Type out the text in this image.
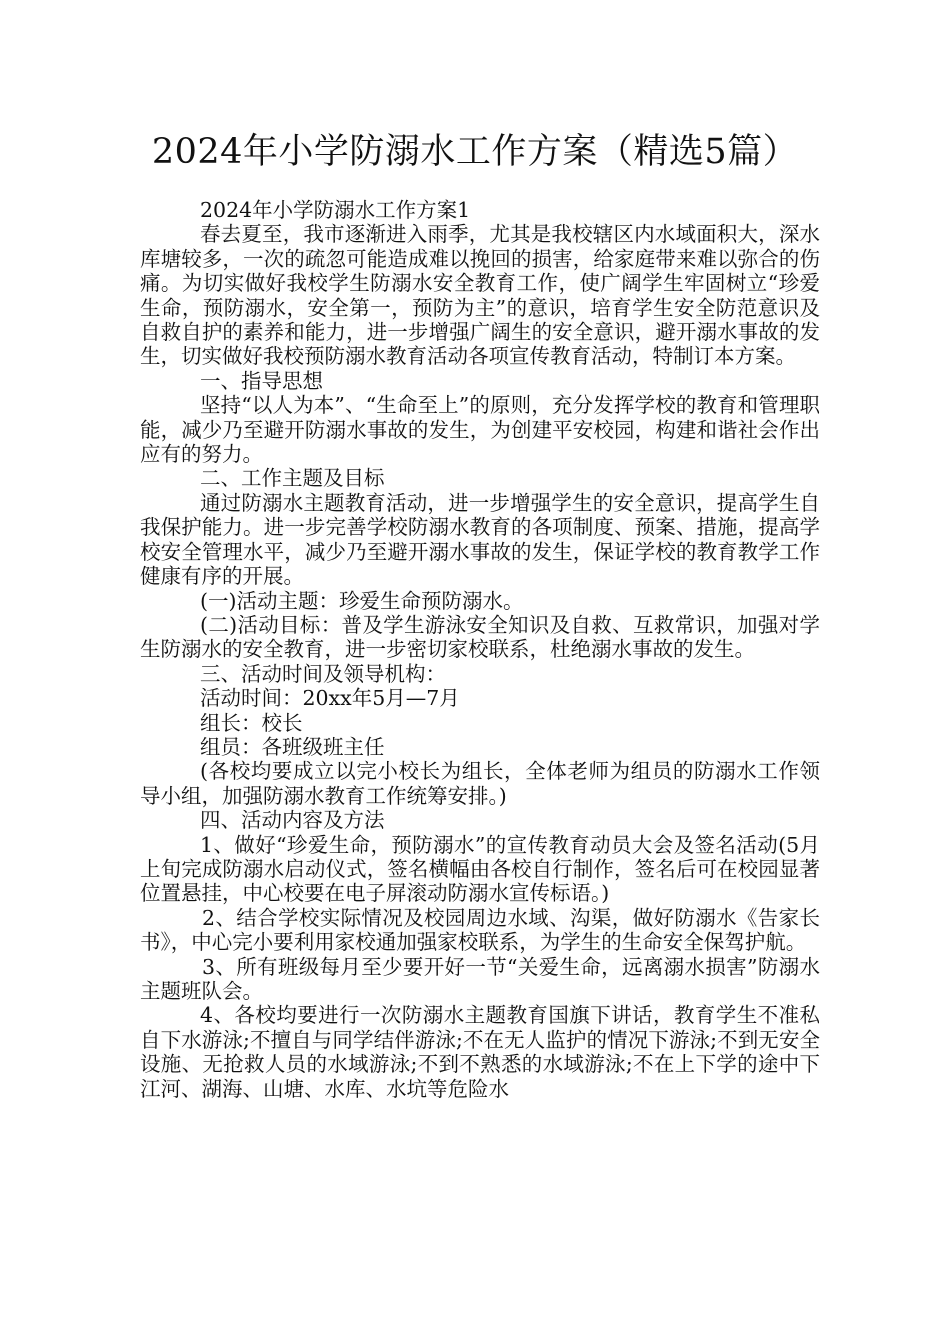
2024年小学防溺水工作方案（精选5篇）

2024年小学防溺水工作方案1

春去夏至，我市逐渐进入雨季，尤其是我校辖区内水域面积大，深水库塘较多，一次的疏忽可能造成难以挽回的损害，给家庭带来难以弥合的伤痛。为切实做好我校学生防溺水安全教育工作，使广阔学生牢固树立“珍爱生命，预防溺水，安全第一，预防为主”的意识，培育学生安全防范意识及自救自护的素养和能力，进一步增强广阔生的安全意识，避开溺水事故的发生，切实做好我校预防溺水教育活动各项宣传教育活动，特制订本方案。

一、指导思想

坚持“以人为本”、“生命至上”的原则，充分发挥学校的教育和管理职能，减少乃至避开防溺水事故的发生，为创建平安校园，构建和谐社会作出应有的努力。

二、工作主题及目标

通过防溺水主题教育活动，进一步增强学生的安全意识，提高学生自我保护能力。进一步完善学校防溺水教育的各项制度、预案、措施，提高学校安全管理水平，减少乃至避开溺水事故的发生，保证学校的教育教学工作健康有序的开展。

(一)活动主题：珍爱生命预防溺水。

(二)活动目标：普及学生游泳安全知识及自救、互救常识，加强对学生防溺水的安全教育，进一步密切家校联系，杜绝溺水事故的发生。

三、活动时间及领导机构：

活动时间：20xx年5月—7月

组长：校长

组员：各班级班主任

(各校均要成立以完小校长为组长，全体老师为组员的防溺水工作领导小组，加强防溺水教育工作统筹安排。)

四、活动内容及方法

1、做好“珍爱生命，预防溺水”的宣传教育动员大会及签名活动(5月上旬完成防溺水启动仪式，签名横幅由各校自行制作，签名后可在校园显著位置悬挂，中心校要在电子屏滚动防溺水宣传标语。)

2、结合学校实际情况及校园周边水域、沟渠，做好防溺水《告家长书》，中心完小要利用家校通加强家校联系，为学生的生命安全保驾护航。

3、所有班级每月至少要开好一节“关爱生命，远离溺水损害”防溺水主题班队会。

4、各校均要进行一次防溺水主题教育国旗下讲话，教育学生不准私自下水游泳;不擅自与同学结伴游泳;不在无人监护的情况下游泳;不到无安全设施、无抢救人员的水域游泳;不到不熟悉的水域游泳;不在上下学的途中下江河、湖海、山塘、水库、水坑等危险水
